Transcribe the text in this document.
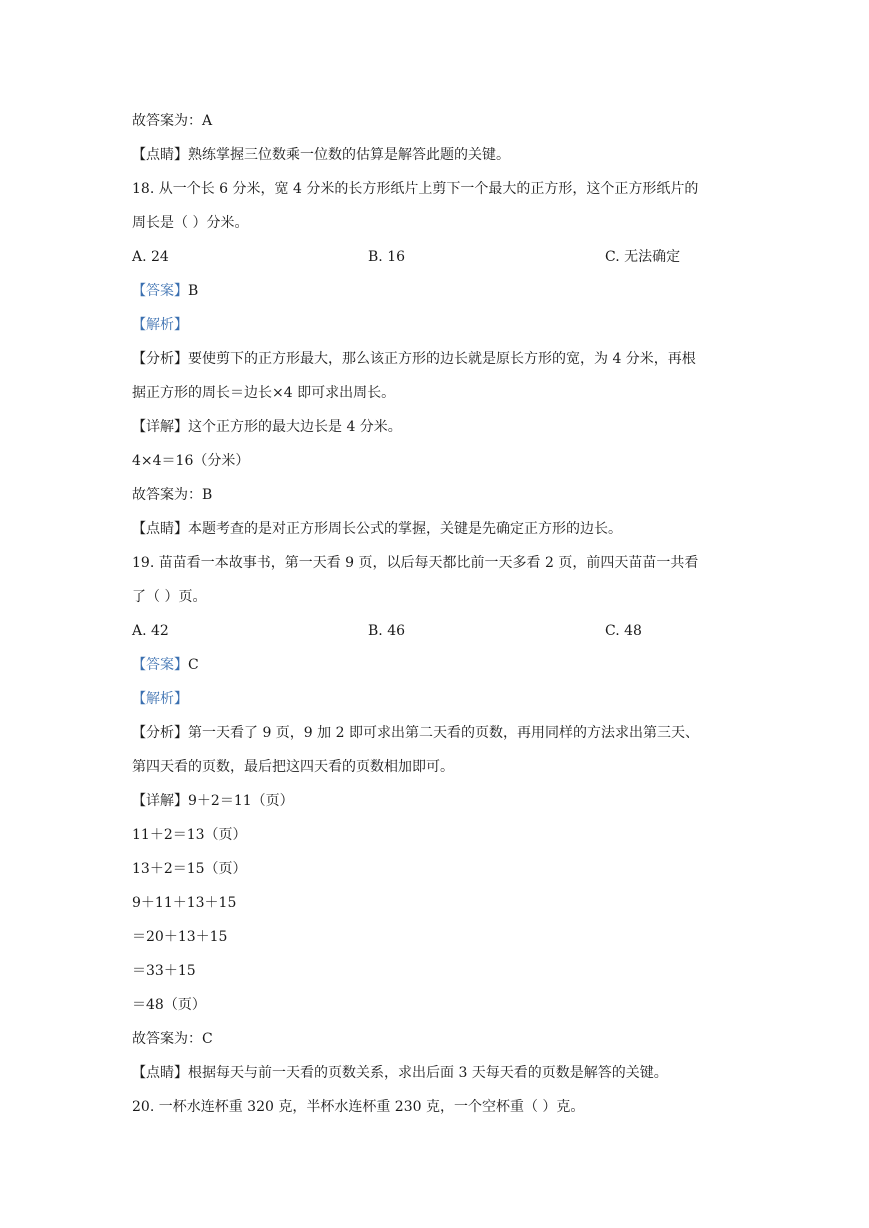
故答案为：A
【点睛】熟练掌握三位数乘一位数的估算是解答此题的关键。
18. 从一个长 6 分米，宽 4 分米的长方形纸片上剪下一个最大的正方形，这个正方形纸片的
周长是（ ）分米。
A. 24	B. 16	C. 无法确定
【答案】B
【解析】
【分析】要使剪下的正方形最大，那么该正方形的边长就是原长方形的宽，为 4 分米，再根
据正方形的周长＝边长×4 即可求出周长。
【详解】这个正方形的最大边长是 4 分米。
4×4＝16（分米）
故答案为：B
【点睛】本题考查的是对正方形周长公式的掌握，关键是先确定正方形的边长。
19. 苗苗看一本故事书，第一天看 9 页，以后每天都比前一天多看 2 页，前四天苗苗一共看
了（ ）页。
A. 42	B. 46	C. 48
【答案】C
【解析】
【分析】第一天看了 9 页，9 加 2 即可求出第二天看的页数，再用同样的方法求出第三天、
第四天看的页数，最后把这四天看的页数相加即可。
【详解】9＋2＝11（页）
11＋2＝13（页）
13＋2＝15（页）
9＋11＋13＋15
＝20＋13＋15
＝33＋15
＝48（页）
故答案为：C
【点睛】根据每天与前一天看的页数关系，求出后面 3 天每天看的页数是解答的关键。
20. 一杯水连杯重 320 克，半杯水连杯重 230 克，一个空杯重（ ）克。
